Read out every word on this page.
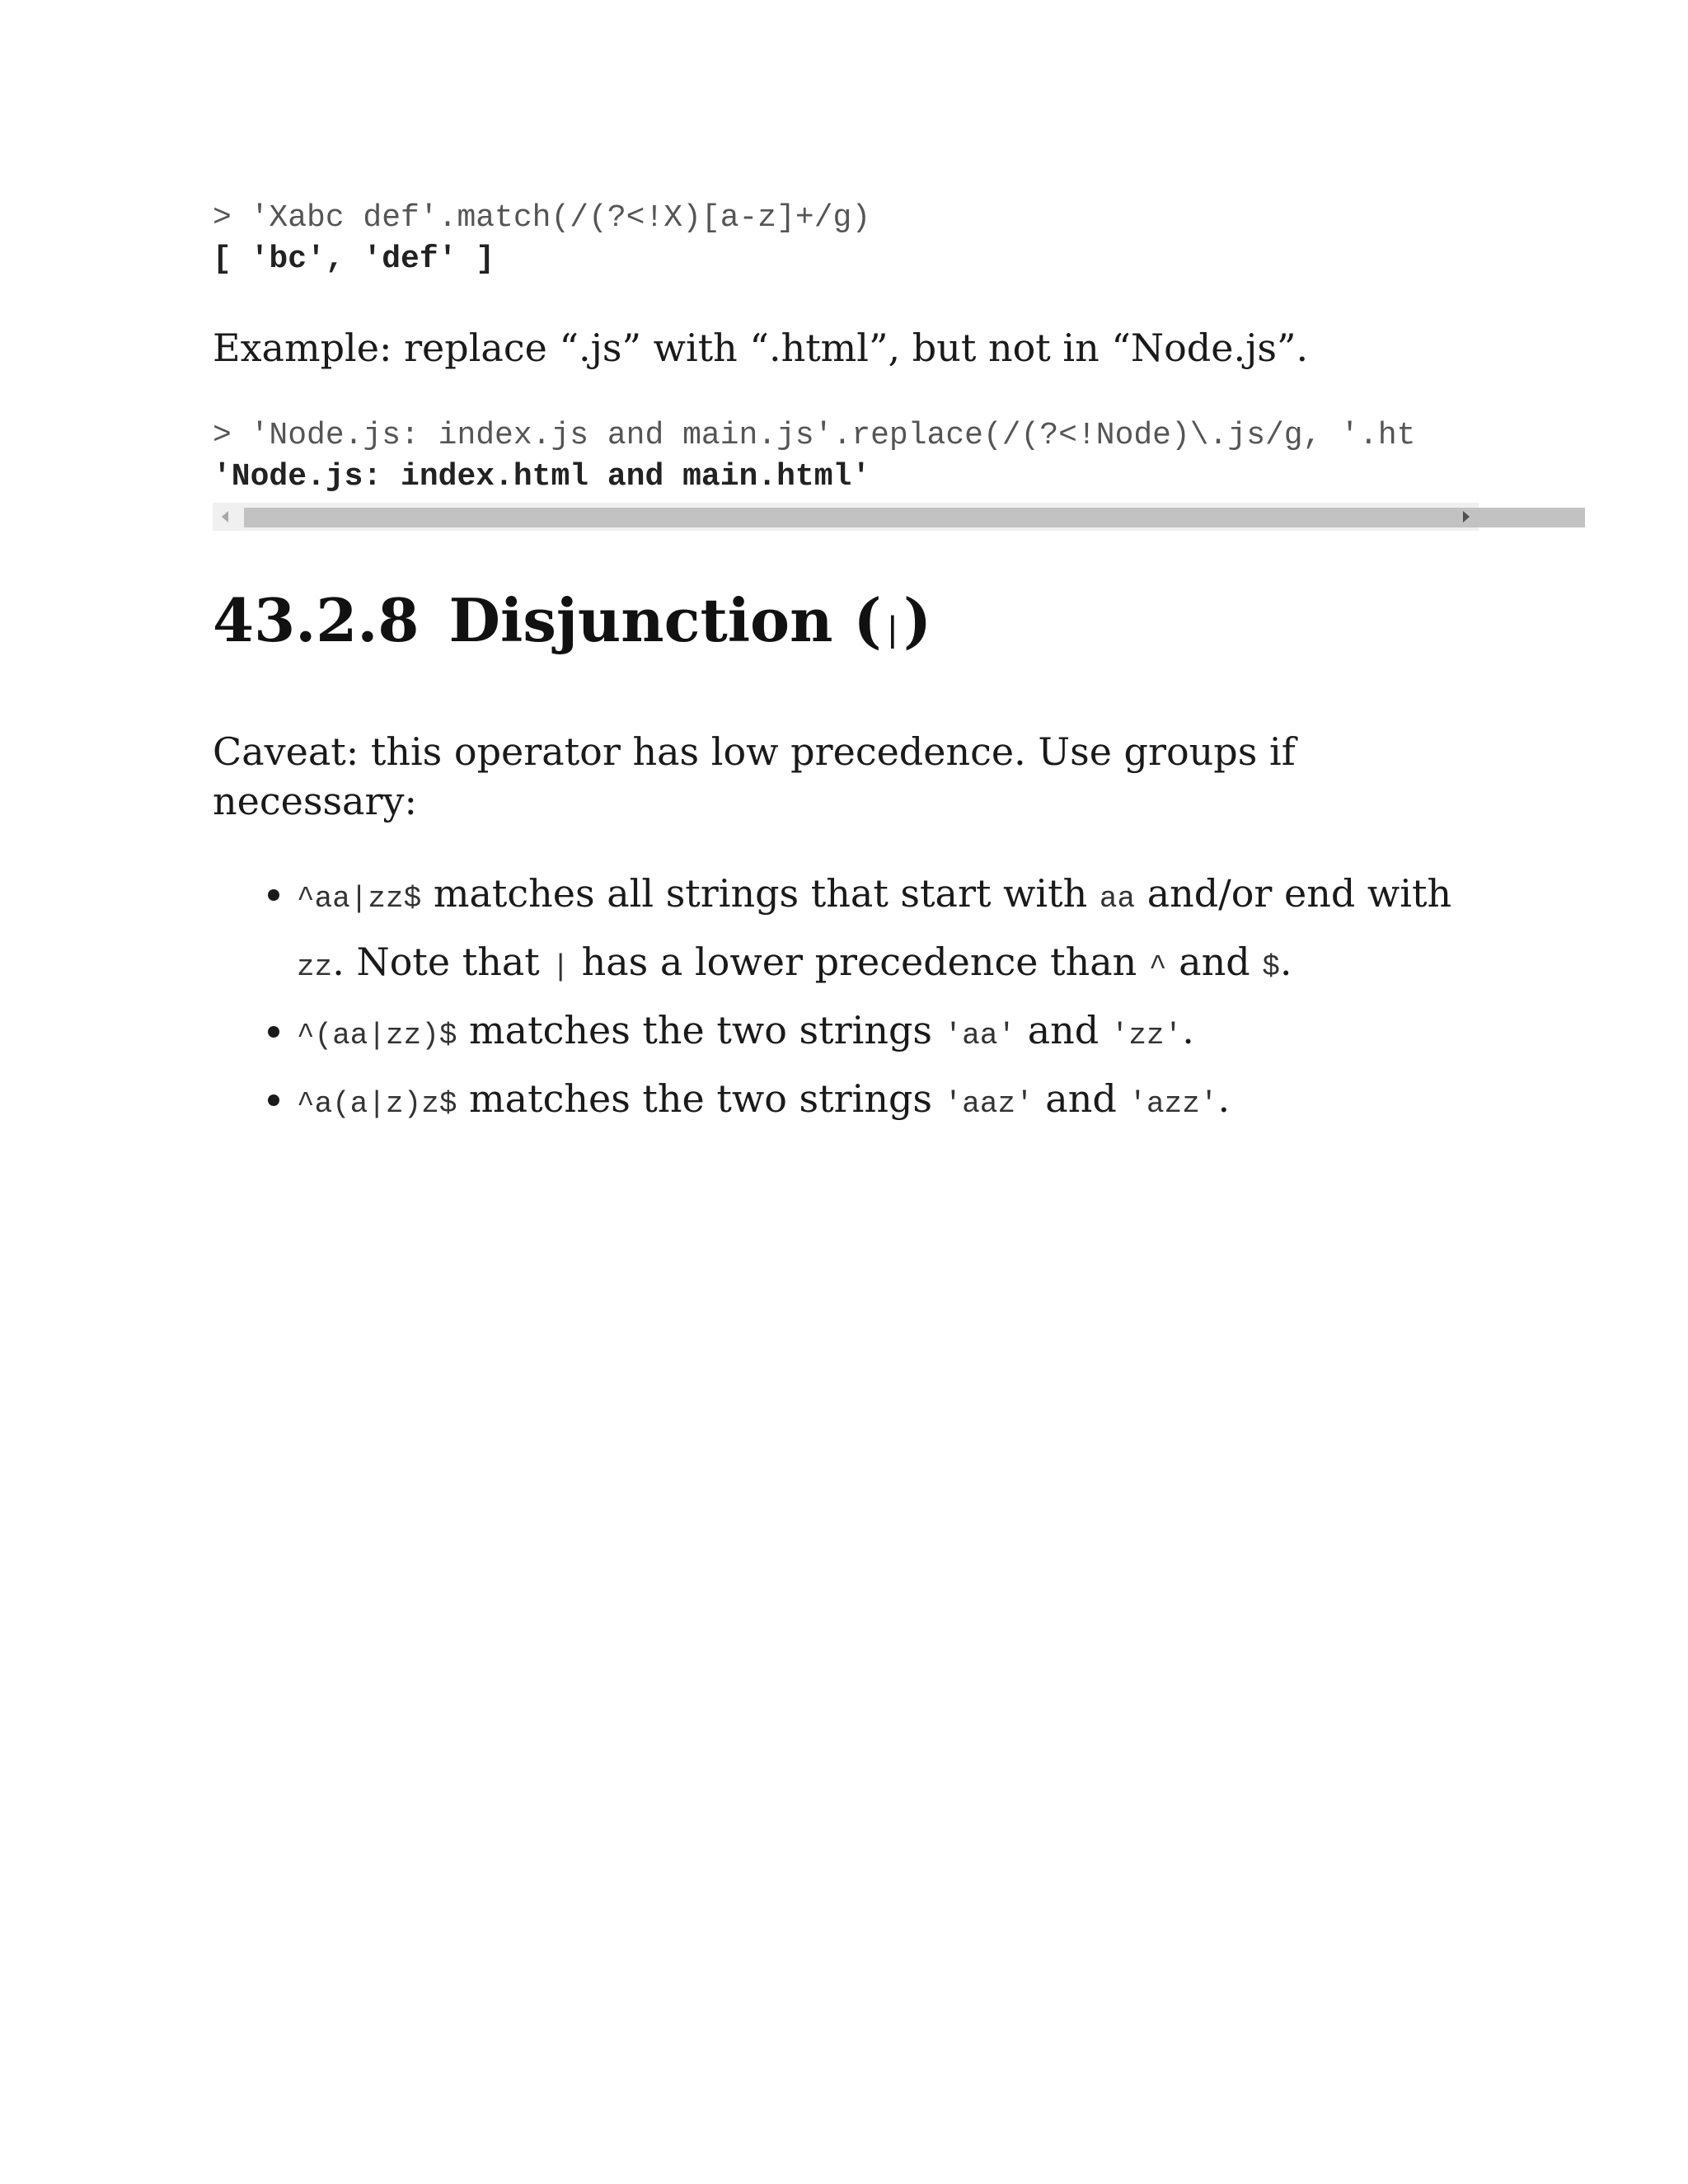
> 'Xabc def'.match(/(?<!X)[a-z]+/g)
[ 'bc', 'def' ]

Example: replace “.js” with “.html”, but not in “Node.js”.

> 'Node.js: index.js and main.js'.replace(/(?<!Node)\.js/g, '.ht
'Node.js: index.html and main.html'
43.2.8 Disjunction (|)

Caveat: this operator has low precedence. Use groups if necessary:

• ^aa|zz$ matches all strings that start with aa and/or end with zz. Note that | has a lower precedence than ^ and $.
• ^(aa|zz)$ matches the two strings 'aa' and 'zz'.
• ^a(a|z)z$ matches the two strings 'aaz' and 'azz'.
